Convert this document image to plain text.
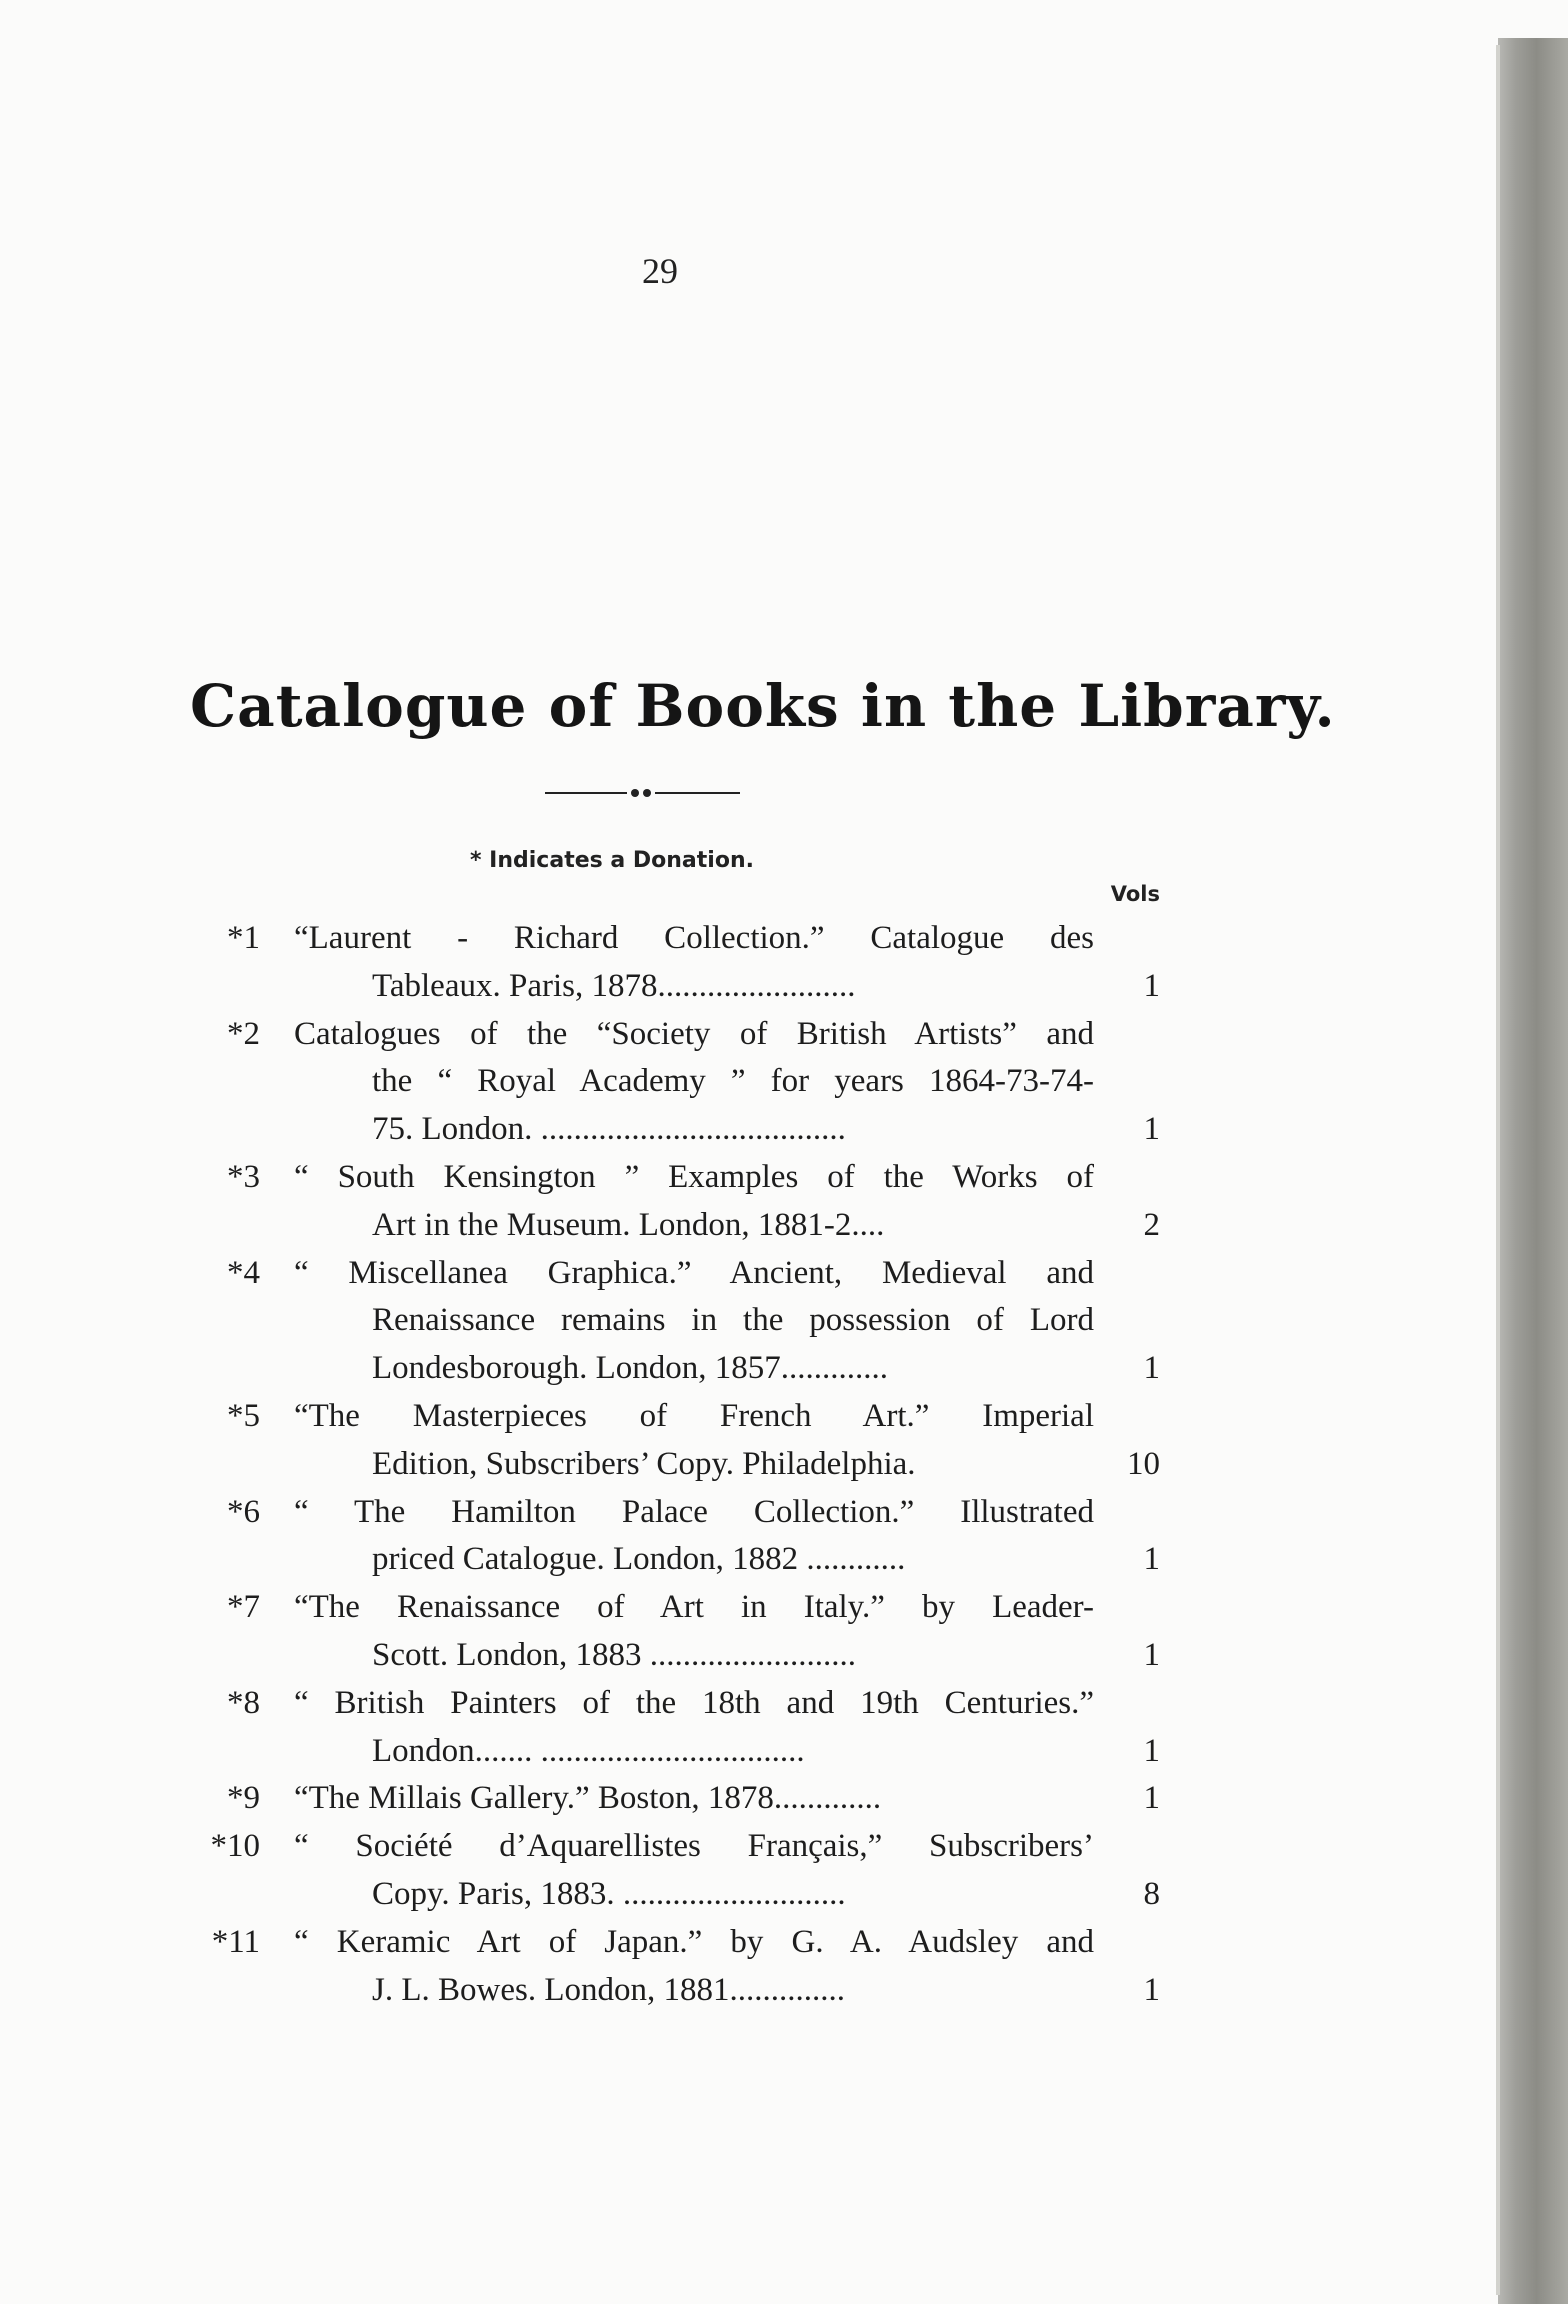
29
Catalogue of Books in the Library.
* Indicates a Donation.
Vols
*1 “Laurent - Richard Collection.” Catalogue des
Tableaux. Paris, 1878........................	1
*2 Catalogues of the “Society of British Artists” and
the “ Royal Academy ” for years 1864-73-74-
75. London. .....................................	1
*3 “ South Kensington ” Examples of the Works of
Art in the Museum. London, 1881-2....	2
*4 “ Miscellanea Graphica.” Ancient, Medieval and
Renaissance remains in the possession of Lord
Londesborough. London, 1857.............	1
*5 “The Masterpieces of French Art.” Imperial
Edition, Subscribers’ Copy. Philadelphia.	10
*6 “ The Hamilton Palace Collection.” Illustrated
priced Catalogue. London, 1882 ............	1
*7 “The Renaissance of Art in Italy.” by Leader-
Scott. London, 1883 .........................	1
*8 “ British Painters of the 18th and 19th Centuries.”
London....... ................................	1
*9 “The Millais Gallery.” Boston, 1878.............	1
*10 “ Société d’Aquarellistes Français,” Subscribers’
Copy. Paris, 1883. ...........................	8
*11 “ Keramic Art of Japan.” by G. A. Audsley and
J. L. Bowes. London, 1881..............	1
